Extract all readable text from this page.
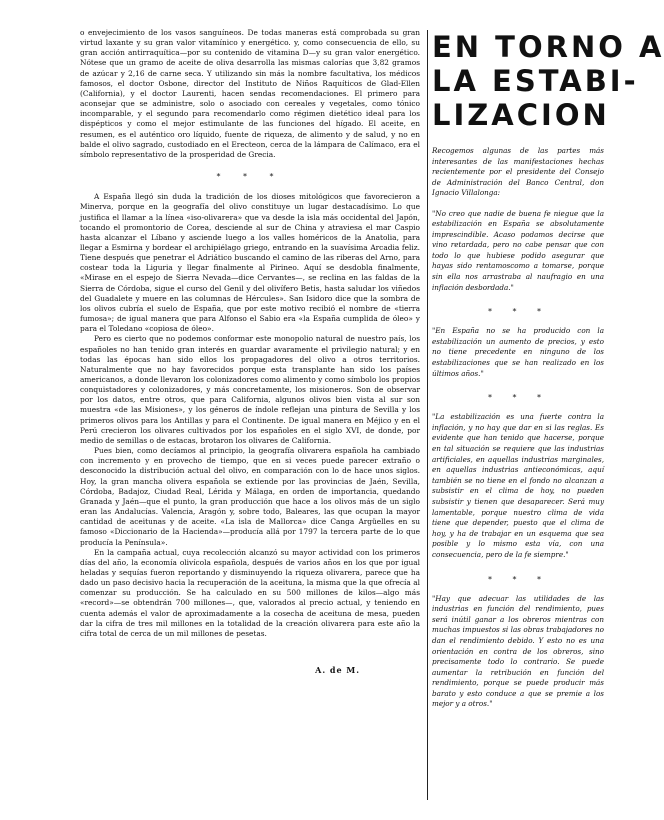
o envejecimiento de los vasos sanguíneos. De todas maneras está comprobada su gran virtud laxante y su gran valor vitamínico y energético. y, como consecuencia de ello, su gran acción antirraquítica—por su contenido de vitamina D—y su gran valor energético. Nótese que un gramo de aceite de oliva desarrolla las mismas calorías que 3,82 gramos de azúcar y 2,16 de carne seca. Y utilizando sin más la nombre facultativa, los médicos famosos, el doctor Osbone, director del Instituto de Niños Raquíticos de Glad-Ellen (California), y el doctor Laurenti, hacen sendas recomendaciones. El primero para aconsejar que se administre, solo o asociado con cereales y vegetales, como tónico incomparable, y el segundo para recomendarlo como régimen dietético ideal para los dispépticos y como el mejor estimulante de las funciones del hígado. El aceite, en resumen, es el auténtico oro líquido, fuente de riqueza, de alimento y de salud, y no en balde el olivo sagrado, custodiado en el Erecteon, cerca de la lámpara de Calímaco, era el símbolo representativo de la prosperidad de Grecia.

* * *

A España llegó sin duda la tradición de los dioses mitológicos que favorecieron a Minerva, porque en la geografía del olivo constituye un lugar destacadísimo. Lo que justifica el llamar a la línea «iso-olivarera» que va desde la isla más occidental del Japón, tocando el promontorio de Corea, desciende al sur de China y atraviesa el mar Caspio hasta alcanzar el Líbano y asciende luego a los valles homéricos de la Anatolia, para llegar a Esmirna y bordear el archipiélago griego, entrando en la suavísima Arcadia feliz. Tiene después que penetrar el Adriático buscando el camino de las riberas del Arno, para costear toda la Liguria y llegar finalmente al Pirineo. Aquí se desdobla finalmente, «Mirase en el espejo de Sierra Nevada—dice Cervantes—, se reclina en las faldas de la Sierra de Córdoba, sigue el curso del Genil y del olivífero Betis, hasta saludar los viñedos del Guadalete y muere en las columnas de Hércules». San Isidoro dice que la sombra de los olivos cubría el suelo de España, que por este motivo recibió el nombre de «tierra fumosa»; de igual manera que para Alfonso el Sabio era «la España cumplida de óleo» y para el Toledano «copiosa de óleo».

Pero es cierto que no podemos conformar este monopolio natural de nuestro país, los españoles no han tenido gran interés en guardar avaramente el privilegio natural; y en todas las épocas han sido ellos los propagadores del olivo a otros territorios. Naturalmente que no hay favorecidos porque esta transplante han sido los países americanos, a donde llevaron los colonizadores como alimento y como símbolo los propios conquistadores y colonizadores, y más concretamente, los misioneros. Son de observar por los datos, entre otros, que para California, algunos olivos bien vista al sur son muestra «de las Misiones», y los géneros de índole reflejan una pintura de Sevilla y los primeros olivos para los Antillas y para el Continente. De igual manera en Méjico y en el Perú crecieron los olivares cultivados por los españoles en el siglo XVI, de donde, por medio de semillas o de estacas, brotaron los olivares de California.

Pues bien, como decíamos al principio, la geografía olivarera española ha cambiado con incremento y en provecho de tiempo, que en si veces puede parecer extraño o desconocido la distribución actual del olivo, en comparación con lo de hace unos siglos. Hoy, la gran mancha olivera española se extiende por las provincias de Jaén, Sevilla, Córdoba, Badajoz, Ciudad Real, Lérida y Málaga, en orden de importancia, quedando Granada y Jaén—que el punto, la gran producción que hace a los olivos más de un siglo eran las Andalucías. Valencia, Aragón y, sobre todo, Baleares, las que ocupan la mayor cantidad de aceitunas y de aceite. «La isla de Mallorca» dice Canga Argüelles en su famoso «Diccionario de la Hacienda»—producía allá por 1797 la tercera parte de lo que producía la Península».

En la campaña actual, cuya recolección alcanzó su mayor actividad con los primeros días del año, la economía olivícola española, después de varios años en los que por igual heladas y sequías fueron reportando y disminuyendo la riqueza olivarera, parece que ha dado un paso decisivo hacia la recuperación de la aceituna, la misma que la que ofrecía al comenzar su producción. Se ha calculado en su 500 millones de kilos—algo más «record»—se obtendrán 700 millones—, que, valorados al precio actual, y teniendo en cuenta además el valor de aproximadamente a la cosecha de aceituna de mesa, pueden dar la cifra de tres mil millones en la totalidad de la creación olivarera para este año la cifra total de cerca de un mil millones de pesetas.

A. de M.
EN TORNO A
LA ESTABI-
LIZACION
Recogemos algunas de las partes más interesantes de las manifestaciones hechas recientemente por el presidente del Consejo de Administración del Banco Central, don Ignacio Villalonga:
"No creo que nadie de buena fe niegue que la estabilización en España se absolutamente imprescindible. Acaso podamos decirse que vino retardada, pero no cabe pensar que con todo lo que hubiese podido asegurar que hayas sido rentamoscomo a tomarse, porque sin ella nos arrastraba al naufragio en una inflación desbordada."
* * *
"En España no se ha producido con la estabilización un aumento de precios, y esto no tiene precedente en ninguno de los estabilizaciones que se han realizado en los últimos años."
* * *
"La estabilización es una fuerte contra la inflación, y no hay que dar en si las reglas. Es evidente que han tenido que hacerse, porque en tal situación se requiere que las industrias artificiales, en aquellas industrias marginales, en aquellas industrias antieconómicas, aquí también se no tiene en el fondo no alcanzan a subsistir en el clima de hoy, no pueden subsistir y tienen que desaparecer. Será muy lamentable, porque nuestro clima de vida tiene que depender, puesto que el clima de hoy, y ha de trabajar en un esquema que sea posible y lo mismo esta vía, con una consecuencia, pero de la fe siempre."
* * *
"Hay que adecuar las utilidades de las industrias en función del rendimiento, pues será inútil ganar a los obreros mientras con muchas impuestos si las obras trabajadores no dan el rendimiento debido. Y esto no es una orientación en contra de los obreros, sino precisamente todo lo contrario. Se puede aumentar la retribución en función del rendimiento, porque se puede producir más barato y esto conduce a que se premie a los mejor y a otros."
